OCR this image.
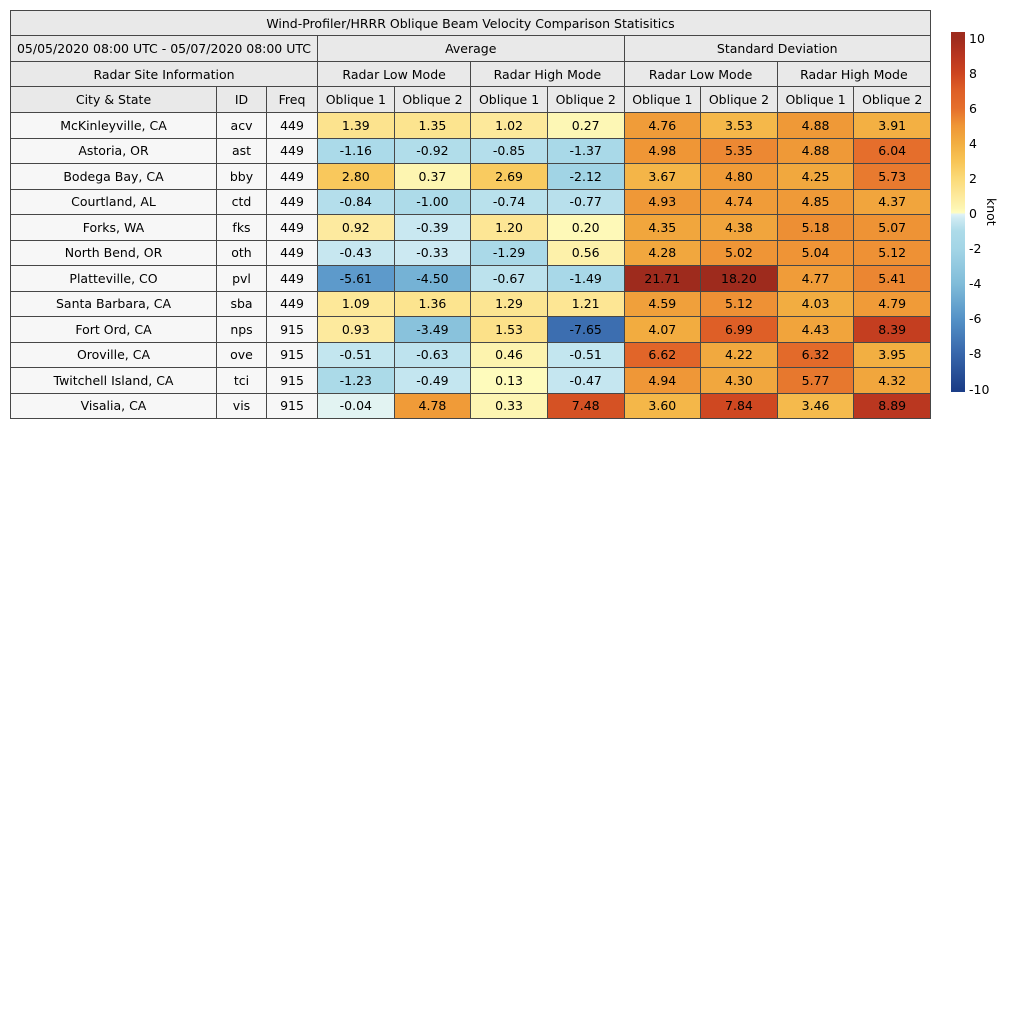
Wind-Profiler/HRRR Oblique Beam Velocity Comparison Statisitics										
05/05/2020 08:00 UTC - 05/07/2020 08:00 UTC			Average				Standard Deviation			
Radar Site Information			Radar Low Mode		Radar High Mode		Radar Low Mode		Radar High Mode	
City & State	ID	Freq	Oblique 1	Oblique 2	Oblique 1	Oblique 2	Oblique 1	Oblique 2	Oblique 1	Oblique 2
McKinleyville, CA	acv	449	1.39	1.35	1.02	0.27	4.76	3.53	4.88	3.91
Astoria, OR	ast	449	-1.16	-0.92	-0.85	-1.37	4.98	5.35	4.88	6.04
Bodega Bay, CA	bby	449	2.80	0.37	2.69	-2.12	3.67	4.80	4.25	5.73
Courtland, AL	ctd	449	-0.84	-1.00	-0.74	-0.77	4.93	4.74	4.85	4.37
Forks, WA	fks	449	0.92	-0.39	1.20	0.20	4.35	4.38	5.18	5.07
North Bend, OR	oth	449	-0.43	-0.33	-1.29	0.56	4.28	5.02	5.04	5.12
Platteville, CO	pvl	449	-5.61	-4.50	-0.67	-1.49	21.71	18.20	4.77	5.41
Santa Barbara, CA	sba	449	1.09	1.36	1.29	1.21	4.59	5.12	4.03	4.79
Fort Ord, CA	nps	915	0.93	-3.49	1.53	-7.65	4.07	6.99	4.43	8.39
Oroville, CA	ove	915	-0.51	-0.63	0.46	-0.51	6.62	4.22	6.32	3.95
Twitchell Island, CA	tci	915	-1.23	-0.49	0.13	-0.47	4.94	4.30	5.77	4.32
Visalia, CA	vis	915	-0.04	4.78	0.33	7.48	3.60	7.84	3.46	8.89
10
8
6
4
2
0
-2
-4
-6
-8
-10
knot
